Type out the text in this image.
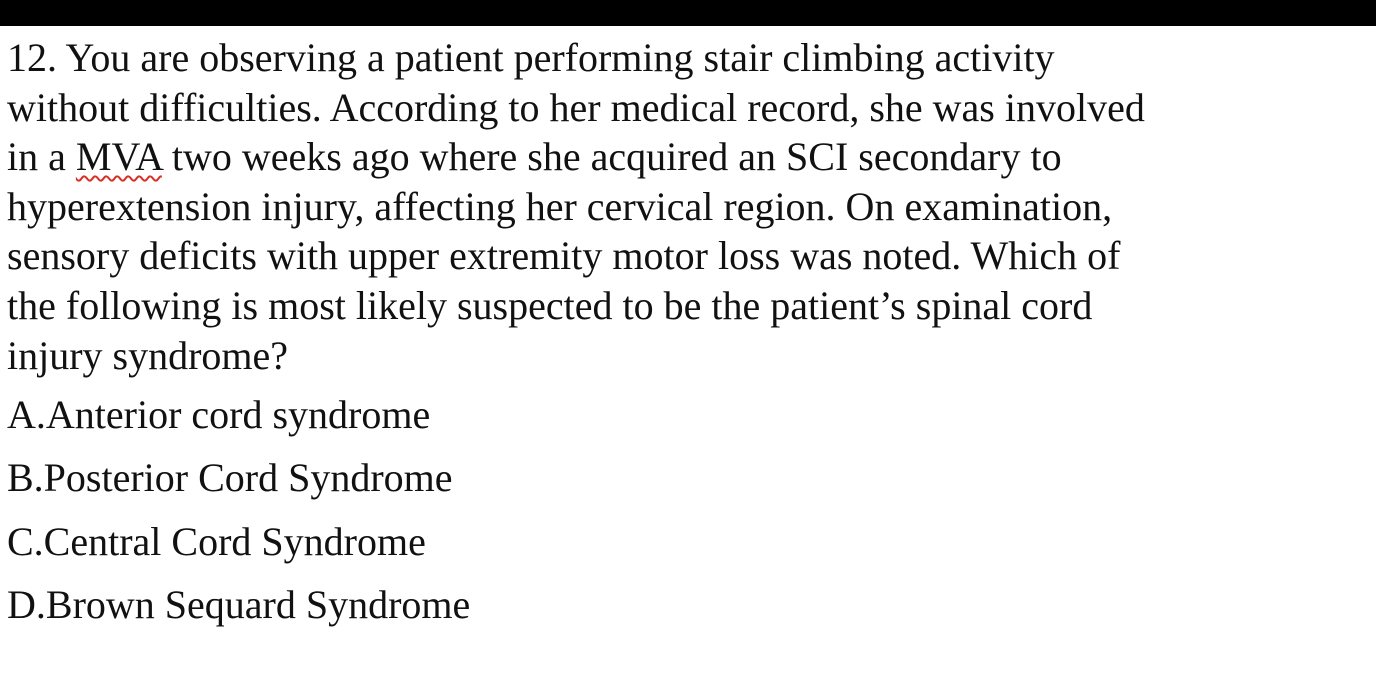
12. You are observing a patient performing stair climbing activity
without difficulties. According to her medical record, she was involved
in a MVA two weeks ago where she acquired an SCI secondary to
hyperextension injury, affecting her cervical region. On examination,
sensory deficits with upper extremity motor loss was noted. Which of
the following is most likely suspected to be the patient’s spinal cord
injury syndrome?

A.Anterior cord syndrome
B.Posterior Cord Syndrome
C.Central Cord Syndrome
D.Brown Sequard Syndrome
